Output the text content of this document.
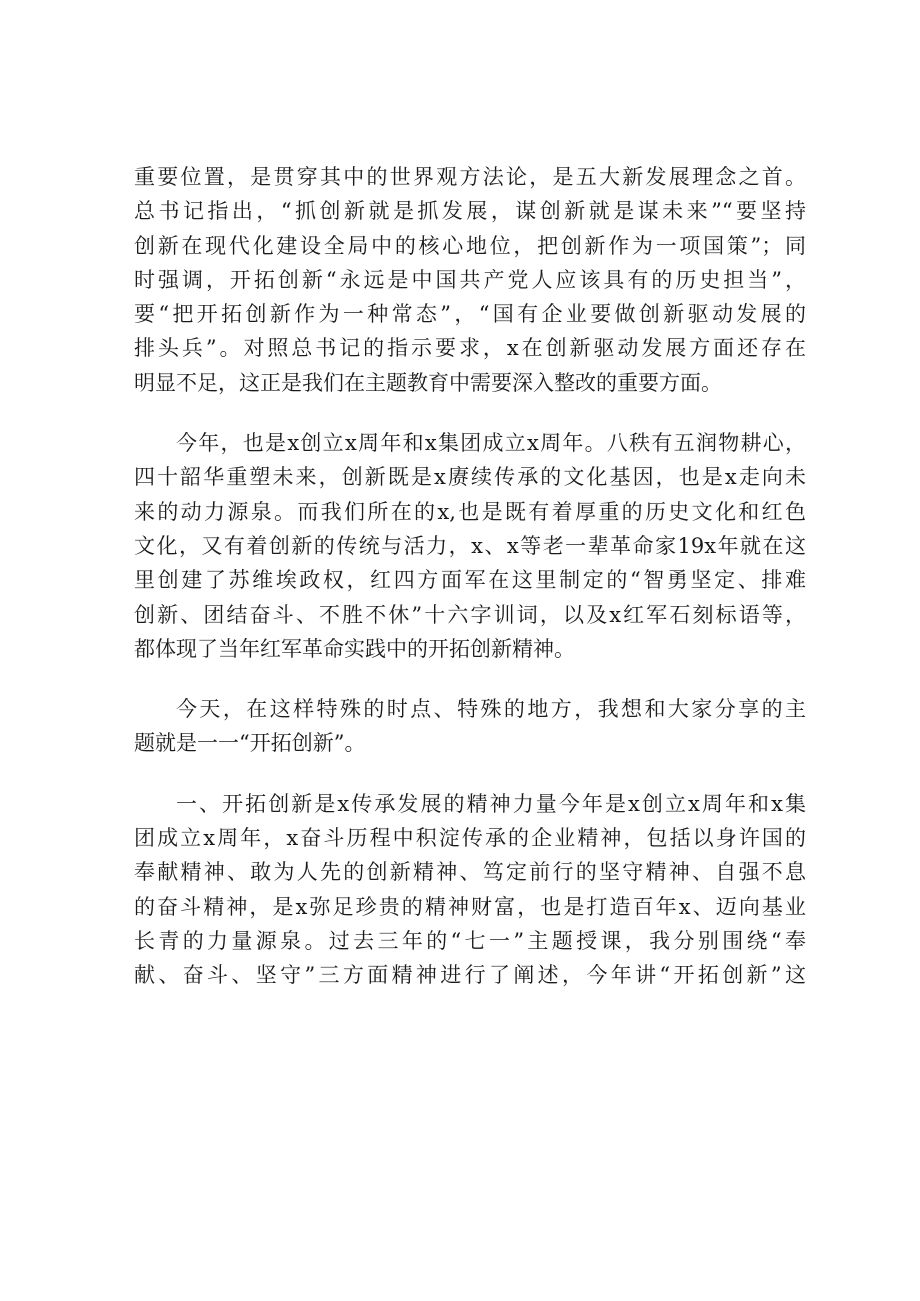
重要位置，是贯穿其中的世界观方法论，是五大新发展理念之首。
总书记指出，“抓创新就是抓发展，谋创新就是谋未来”“要坚持
创新在现代化建设全局中的核心地位，把创新作为一项国策”；同
时强调，开拓创新“永远是中国共产党人应该具有的历史担当”，
要“把开拓创新作为一种常态”，“国有企业要做创新驱动发展的
排头兵”。对照总书记的指示要求，x在创新驱动发展方面还存在
明显不足，这正是我们在主题教育中需要深入整改的重要方面。
今年，也是x创立x周年和x集团成立x周年。八秩有五润物耕心，
四十韶华重塑未来，创新既是x赓续传承的文化基因，也是x走向未
来的动力源泉。而我们所在的x,也是既有着厚重的历史文化和红色
文化，又有着创新的传统与活力，x、x等老一辈革命家19x年就在这
里创建了苏维埃政权，红四方面军在这里制定的“智勇坚定、排难
创新、团结奋斗、不胜不休”十六字训词，以及x红军石刻标语等，
都体现了当年红军革命实践中的开拓创新精神。
今天，在这样特殊的时点、特殊的地方，我想和大家分享的主
题就是一一“开拓创新”。
一、开拓创新是x传承发展的精神力量今年是x创立x周年和x集
团成立x周年，x奋斗历程中积淀传承的企业精神，包括以身许国的
奉献精神、敢为人先的创新精神、笃定前行的坚守精神、自强不息
的奋斗精神，是x弥足珍贵的精神财富，也是打造百年x、迈向基业
长青的力量源泉。过去三年的“七一”主题授课，我分别围绕“奉
献、奋斗、坚守”三方面精神进行了阐述，今年讲“开拓创新”这
